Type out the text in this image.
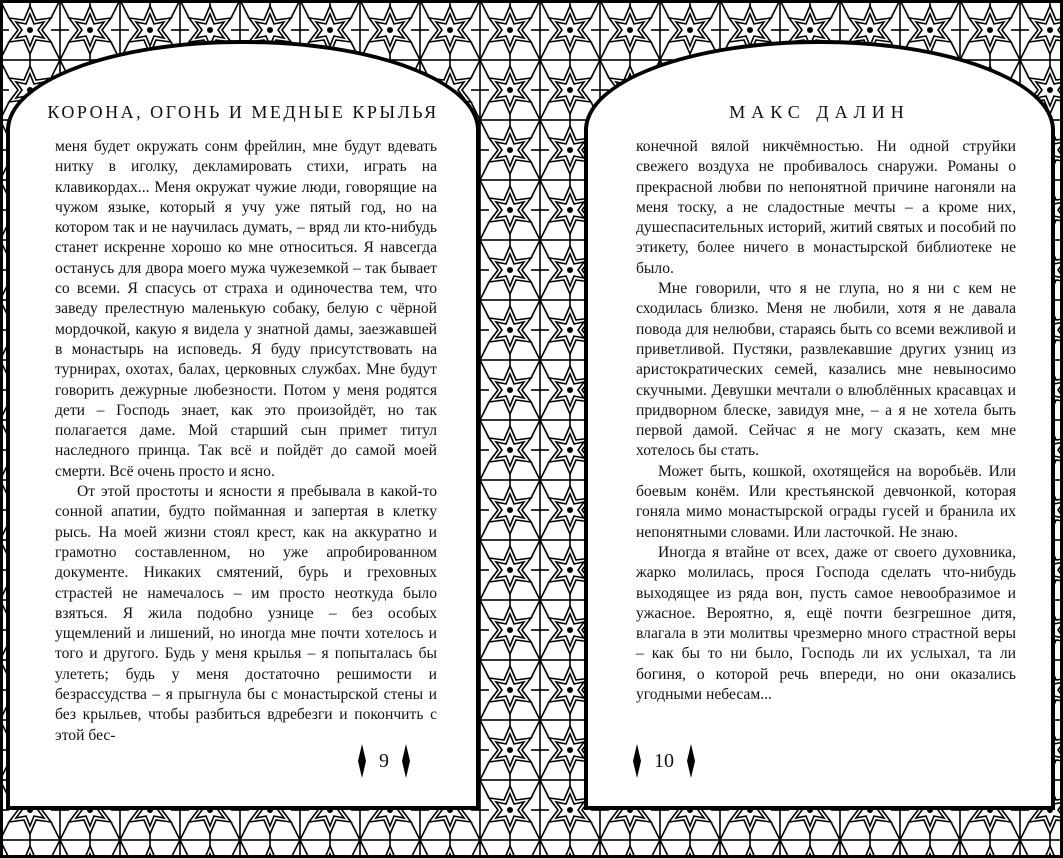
КОРОНА, ОГОНЬ И МЕДНЫЕ КРЫЛЬЯ

меня будет окружать сонм фрейлин, мне будут вдевать нитку в иголку, декламировать стихи, играть на клавикордах... Меня окружат чужие люди, говорящие на чужом языке, который я учу уже пятый год, но на котором так и не научилась думать, – вряд ли кто-нибудь станет искренне хорошо ко мне относиться. Я навсегда останусь для двора моего мужа чужеземкой – так бывает со всеми. Я спасусь от страха и одиночества тем, что заведу прелестную маленькую собаку, белую с чёрной мордочкой, какую я видела у знатной дамы, заезжавшей в монастырь на исповедь. Я буду присутствовать на турнирах, охотах, балах, церковных службах. Мне будут говорить дежурные любезности. Потом у меня родятся дети – Господь знает, как это произойдёт, но так полагается даме. Мой старший сын примет титул наследного принца. Так всё и пойдёт до самой моей смерти. Всё очень просто и ясно.

От этой простоты и ясности я пребывала в какой-то сонной апатии, будто пойманная и запертая в клетку рысь. На моей жизни стоял крест, как на аккуратно и грамотно составленном, но уже апробированном документе. Никаких смятений, бурь и греховных страстей не намечалось – им просто неоткуда было взяться. Я жила подобно узнице – без особых ущемлений и лишений, но иногда мне почти хотелось и того и другого. Будь у меня крылья – я попыталась бы улететь; будь у меня достаточно решимости и безрассудства – я прыгнула бы с монастырской стены и без крыльев, чтобы разбиться вдребезги и покончить с этой бес-

9
МАКС ДАЛИН

конечной вялой никчёмностью. Ни одной струйки свежего воздуха не пробивалось снаружи. Романы о прекрасной любви по непонятной причине нагоняли на меня тоску, а не сладостные мечты – а кроме них, душеспасительных историй, житий святых и пособий по этикету, более ничего в монастырской библиотеке не было.

Мне говорили, что я не глупа, но я ни с кем не сходилась близко. Меня не любили, хотя я не давала повода для нелюбви, стараясь быть со всеми вежливой и приветливой. Пустяки, развлекавшие других узниц из аристократических семей, казались мне невыносимо скучными. Девушки мечтали о влюблённых красавцах и придворном блеске, завидуя мне, – а я не хотела быть первой дамой. Сейчас я не могу сказать, кем мне хотелось бы стать.

Может быть, кошкой, охотящейся на воробьёв. Или боевым конём. Или крестьянской девчонкой, которая гоняла мимо монастырской ограды гусей и бранила их непонятными словами. Или ласточкой. Не знаю.

Иногда я втайне от всех, даже от своего духовника, жарко молилась, прося Господа сделать что-нибудь выходящее из ряда вон, пусть самое невообразимое и ужасное. Вероятно, я, ещё почти безгрешное дитя, влагала в эти молитвы чрезмерно много страстной веры – как бы то ни было, Господь ли их услыхал, та ли богиня, о которой речь впереди, но они оказались угодными небесам...

10
